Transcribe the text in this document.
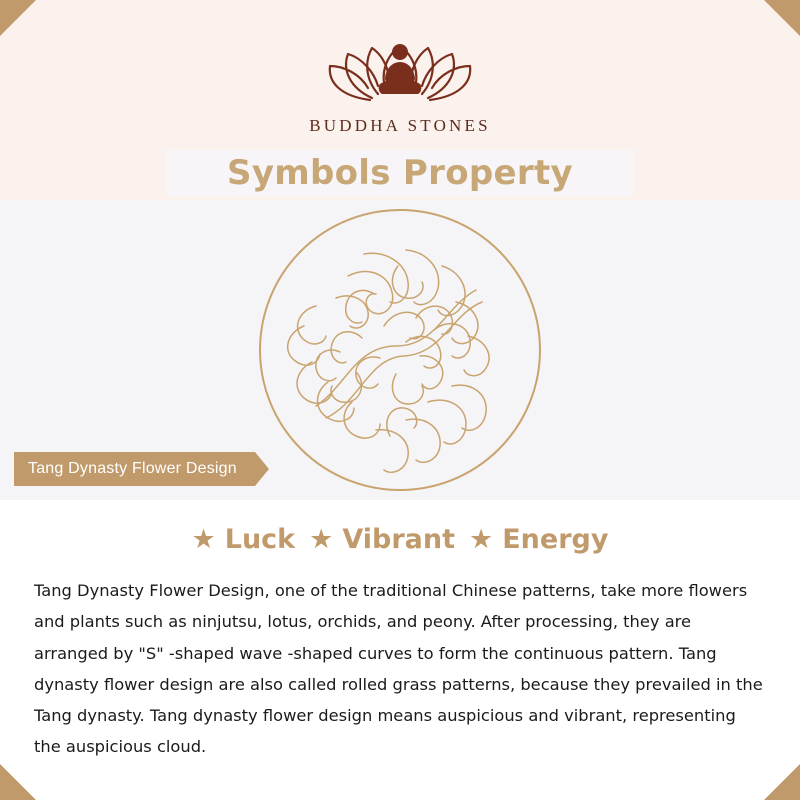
BUDDHA STONES
Symbols Property
Tang Dynasty Flower Design
★ Luck ★ Vibrant ★ Energy

Tang Dynasty Flower Design, one of the traditional Chinese patterns, take more flowers and plants such as ninjutsu, lotus, orchids, and peony. After processing, they are arranged by "S" -shaped wave -shaped curves to form the continuous pattern. Tang dynasty flower design are also called rolled grass patterns, because they prevailed in the Tang dynasty. Tang dynasty flower design means auspicious and vibrant, representing the auspicious cloud.
